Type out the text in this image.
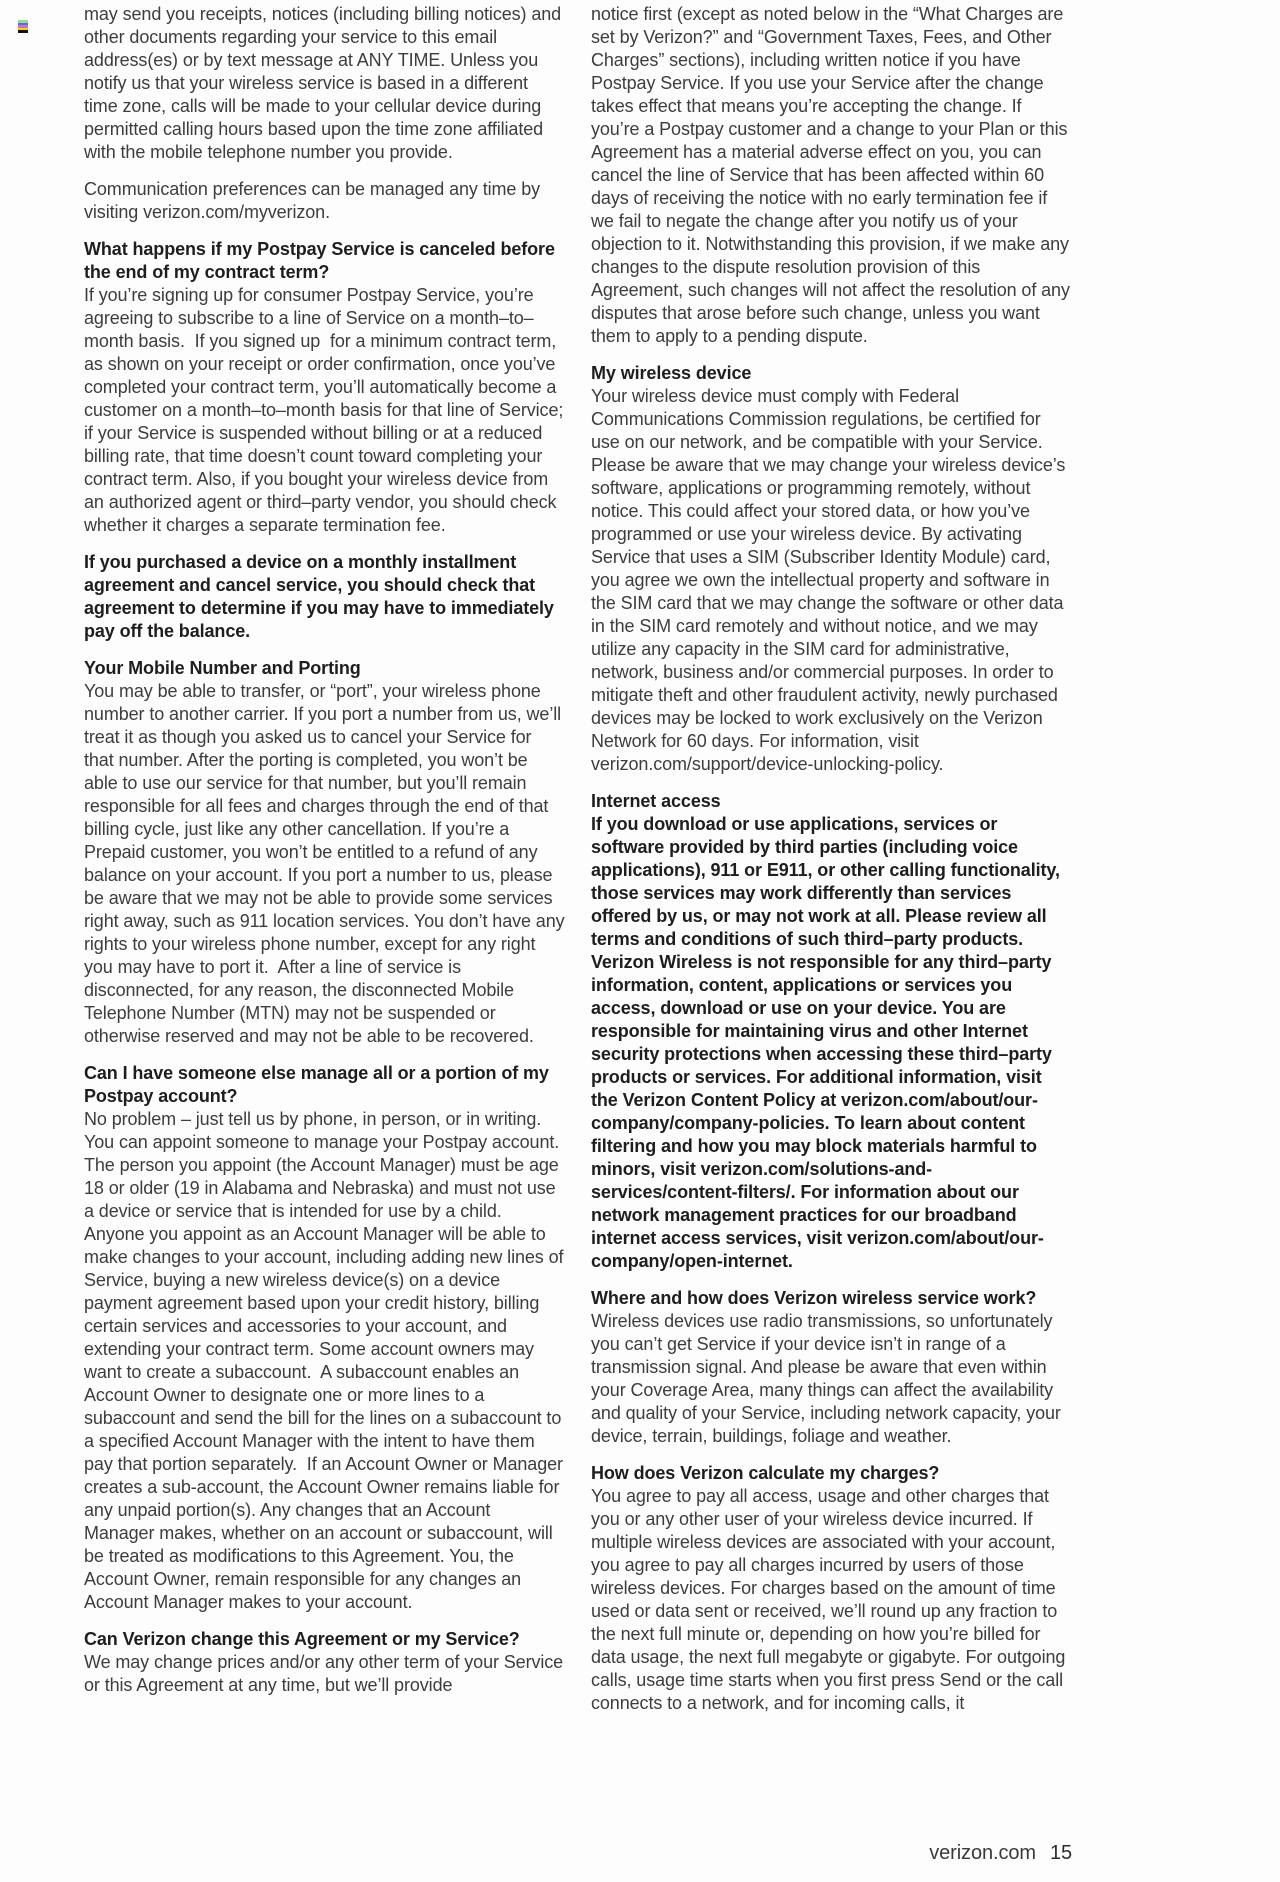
may send you receipts, notices (including billing notices) and other documents regarding your service to this email address(es) or by text message at ANY TIME. Unless you notify us that your wireless service is based in a different time zone, calls will be made to your cellular device during permitted calling hours based upon the time zone affiliated with the mobile telephone number you provide.
Communication preferences can be managed any time by visiting verizon.com/myverizon.
What happens if my Postpay Service is canceled before the end of my contract term?
If you’re signing up for consumer Postpay Service, you’re agreeing to subscribe to a line of Service on a month–to–month basis.  If you signed up  for a minimum contract term, as shown on your receipt or order confirmation, once you’ve completed your contract term, you’ll automatically become a customer on a month–to–month basis for that line of Service;  if your Service is suspended without billing or at a reduced billing rate, that time doesn’t count toward completing your contract term. Also, if you bought your wireless device from an authorized agent or third–party vendor, you should check whether it charges a separate termination fee.
If you purchased a device on a monthly installment agreement and cancel service, you should check that agreement to determine if you may have to immediately pay off the balance.
Your Mobile Number and Porting
You may be able to transfer, or “port”, your wireless phone number to another carrier. If you port a number from us, we’ll treat it as though you asked us to cancel your Service for that number. After the porting is completed, you won’t be able to use our service for that number, but you’ll remain responsible for all fees and charges through the end of that billing cycle, just like any other cancellation. If you’re a Prepaid customer, you won’t be entitled to a refund of any balance on your account. If you port a number to us, please be aware that we may not be able to provide some services right away, such as 911 location services. You don’t have any rights to your wireless phone number, except for any right you may have to port it.  After a line of service is disconnected, for any reason, the disconnected Mobile Telephone Number (MTN) may not be suspended or otherwise reserved and may not be able to be recovered.
Can I have someone else manage all or a portion of my Postpay account?
No problem – just tell us by phone, in person, or in writing. You can appoint someone to manage your Postpay account. The person you appoint (the Account Manager) must be age 18 or older (19 in Alabama and Nebraska) and must not use a device or service that is intended for use by a child.  Anyone you appoint as an Account Manager will be able to make changes to your account, including adding new lines of Service, buying a new wireless device(s) on a device payment agreement based upon your credit history, billing certain services and accessories to your account, and extending your contract term. Some account owners may want to create a subaccount.  A subaccount enables an Account Owner to designate one or more lines to a subaccount and send the bill for the lines on a subaccount to a specified Account Manager with the intent to have them pay that portion separately.  If an Account Owner or Manager creates a sub-account, the Account Owner remains liable for any unpaid portion(s). Any changes that an Account Manager makes, whether on an account or subaccount, will be treated as modifications to this Agreement. You, the Account Owner, remain responsible for any changes an Account Manager makes to your account.
Can Verizon change this Agreement or my Service?
We may change prices and/or any other term of your Service or this Agreement at any time, but we’ll provide
notice first (except as noted below in the “What Charges are set by Verizon?” and “Government Taxes, Fees, and Other Charges” sections), including written notice if you have Postpay Service. If you use your Service after the change takes effect that means you’re accepting the change. If you’re a Postpay customer and a change to your Plan or this Agreement has a material adverse effect on you, you can cancel the line of Service that has been affected within 60 days of receiving the notice with no early termination fee if we fail to negate the change after you notify us of your objection to it. Notwithstanding this provision, if we make any changes to the dispute resolution provision of this Agreement, such changes will not affect the resolution of any disputes that arose before such change, unless you want them to apply to a pending dispute.
My wireless device
Your wireless device must comply with Federal Communications Commission regulations, be certified for use on our network, and be compatible with your Service. Please be aware that we may change your wireless device’s software, applications or programming remotely, without notice. This could affect your stored data, or how you’ve programmed or use your wireless device. By activating Service that uses a SIM (Subscriber Identity Module) card, you agree we own the intellectual property and software in the SIM card that we may change the software or other data in the SIM card remotely and without notice, and we may utilize any capacity in the SIM card for administrative, network, business and/or commercial purposes. In order to mitigate theft and other fraudulent activity, newly purchased devices may be locked to work exclusively on the Verizon Network for 60 days. For information, visit verizon.com/support/device-unlocking-policy.
Internet access
If you download or use applications, services or software provided by third parties (including voice applications), 911 or E911, or other calling functionality, those services may work differently than services offered by us, or may not work at all. Please review all terms and conditions of such third–party products. Verizon Wireless is not responsible for any third–party information, content, applications or services you access, download or use on your device. You are responsible for maintaining virus and other Internet security protections when accessing these third–party products or services. For additional information, visit the Verizon Content Policy at verizon.com/about/our-company/company-policies. To learn about content filtering and how you may block materials harmful to minors, visit verizon.com/solutions-and-services/content-filters/. For information about our network management practices for our broadband internet access services, visit verizon.com/about/our-company/open-internet.
Where and how does Verizon wireless service work?
Wireless devices use radio transmissions, so unfortunately you can’t get Service if your device isn’t in range of a transmission signal. And please be aware that even within your Coverage Area, many things can affect the availability and quality of your Service, including network capacity, your device, terrain, buildings, foliage and weather.
How does Verizon calculate my charges?
You agree to pay all access, usage and other charges that you or any other user of your wireless device incurred. If multiple wireless devices are associated with your account, you agree to pay all charges incurred by users of those wireless devices. For charges based on the amount of time used or data sent or received, we’ll round up any fraction to the next full minute or, depending on how you’re billed for data usage, the next full megabyte or gigabyte. For outgoing calls, usage time starts when you first press Send or the call connects to a network, and for incoming calls, it
verizon.com 15
